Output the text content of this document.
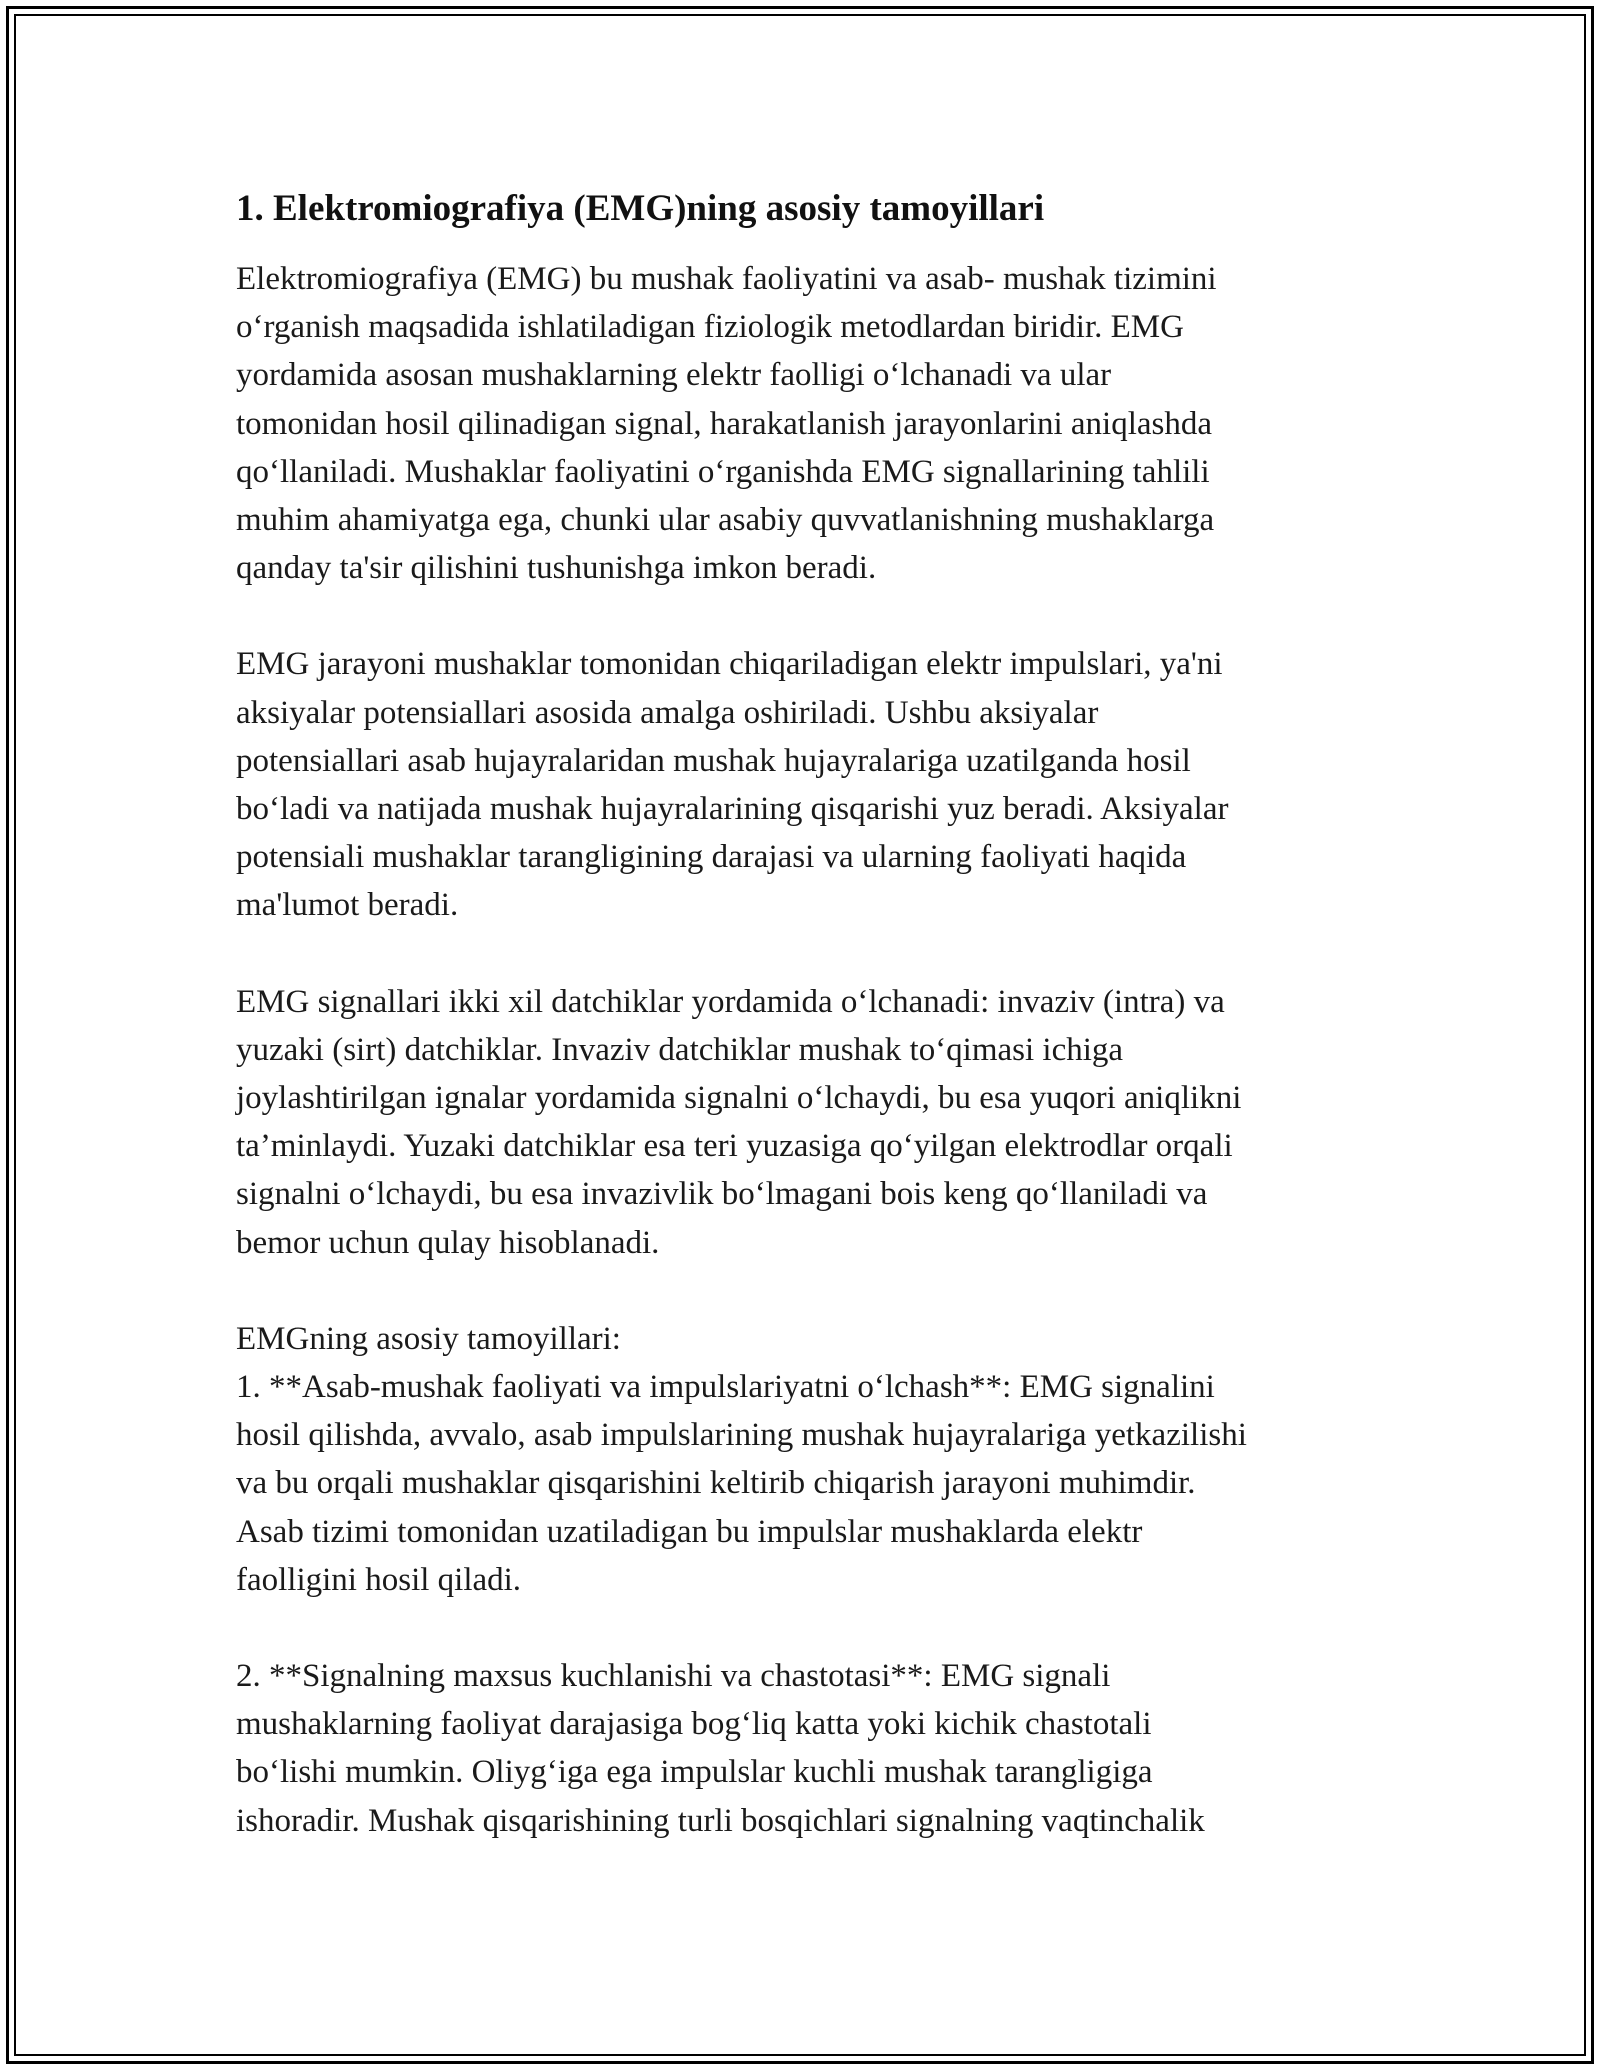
1. Elektromiografiya (EMG)ning asosiy tamoyillari

Elektromiografiya (EMG) bu mushak faoliyatini va asab- mushak tizimini
o‘rganish maqsadida ishlatiladigan fiziologik metodlardan biridir. EMG
yordamida asosan mushaklarning elektr faolligi o‘lchanadi va ular
tomonidan hosil qilinadigan signal, harakatlanish jarayonlarini aniqlashda
qo‘llaniladi. Mushaklar faoliyatini o‘rganishda EMG signallarining tahlili
muhim ahamiyatga ega, chunki ular asabiy quvvatlanishning mushaklarga
qanday ta'sir qilishini tushunishga imkon beradi.

EMG jarayoni mushaklar tomonidan chiqariladigan elektr impulslari, ya'ni
aksiyalar potensiallari asosida amalga oshiriladi. Ushbu aksiyalar
potensiallari asab hujayralaridan mushak hujayralariga uzatilganda hosil
bo‘ladi va natijada mushak hujayralarining qisqarishi yuz beradi. Aksiyalar
potensiali mushaklar tarangligining darajasi va ularning faoliyati haqida
ma'lumot beradi.

EMG signallari ikki xil datchiklar yordamida o‘lchanadi: invaziv (intra) va
yuzaki (sirt) datchiklar. Invaziv datchiklar mushak to‘qimasi ichiga
joylashtirilgan ignalar yordamida signalni o‘lchaydi, bu esa yuqori aniqlikni
ta’minlaydi. Yuzaki datchiklar esa teri yuzasiga qo‘yilgan elektrodlar orqali
signalni o‘lchaydi, bu esa invazivlik bo‘lmagani bois keng qo‘llaniladi va
bemor uchun qulay hisoblanadi.

EMGning asosiy tamoyillari:
1. **Asab-mushak faoliyati va impulslariyatni o‘lchash**: EMG signalini
hosil qilishda, avvalo, asab impulslarining mushak hujayralariga yetkazilishi
va bu orqali mushaklar qisqarishini keltirib chiqarish jarayoni muhimdir.
Asab tizimi tomonidan uzatiladigan bu impulslar mushaklarda elektr
faolligini hosil qiladi.

2. **Signalning maxsus kuchlanishi va chastotasi**: EMG signali
mushaklarning faoliyat darajasiga bog‘liq katta yoki kichik chastotali
bo‘lishi mumkin. Oliyg‘iga ega impulslar kuchli mushak tarangligiga
ishoradir. Mushak qisqarishining turli bosqichlari signalning vaqtinchalik
